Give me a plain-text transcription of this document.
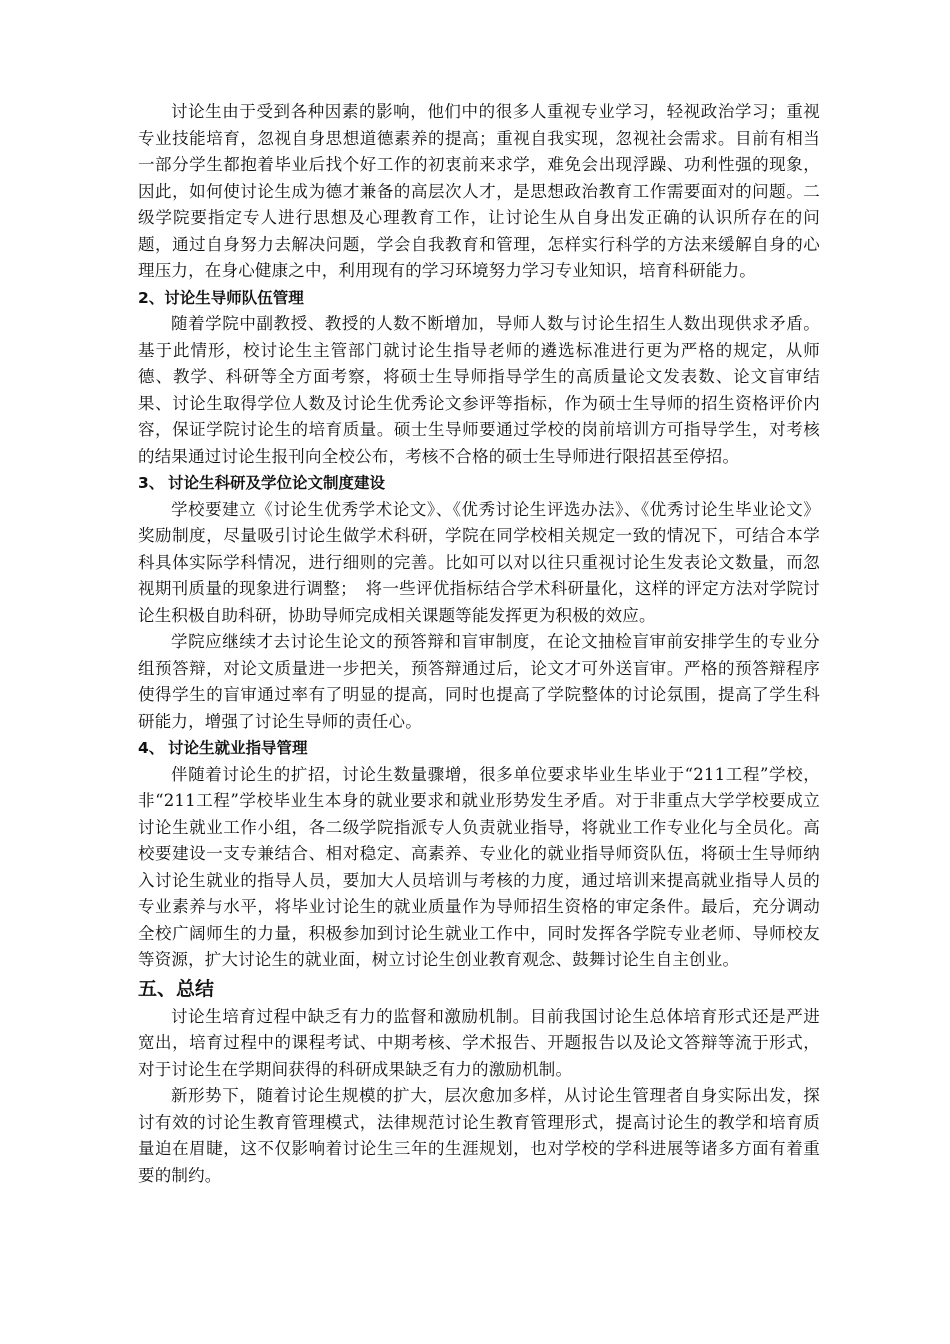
讨论生由于受到各种因素的影响，他们中的很多人重视专业学习，轻视政治学习；重视专业技能培育，忽视自身思想道德素养的提高；重视自我实现，忽视社会需求。目前有相当一部分学生都抱着毕业后找个好工作的初衷前来求学，难免会出现浮躁、功利性强的现象，因此，如何使讨论生成为德才兼备的高层次人才，是思想政治教育工作需要面对的问题。二级学院要指定专人进行思想及心理教育工作，让讨论生从自身出发正确的认识所存在的问题，通过自身努力去解决问题，学会自我教育和管理，怎样实行科学的方法来缓解自身的心理压力，在身心健康之中，利用现有的学习环境努力学习专业知识，培育科研能力。

2、讨论生导师队伍管理

随着学院中副教授、教授的人数不断增加，导师人数与讨论生招生人数出现供求矛盾。基于此情形，校讨论生主管部门就讨论生指导老师的遴选标准进行更为严格的规定，从师德、教学、科研等全方面考察，将硕士生导师指导学生的高质量论文发表数、论文盲审结果、讨论生取得学位人数及讨论生优秀论文参评等指标，作为硕士生导师的招生资格评价内容，保证学院讨论生的培育质量。硕士生导师要通过学校的岗前培训方可指导学生，对考核的结果通过讨论生报刊向全校公布，考核不合格的硕士生导师进行限招甚至停招。

3、 讨论生科研及学位论文制度建设

学校要建立《讨论生优秀学术论文》、《优秀讨论生评选办法》、《优秀讨论生毕业论文》奖励制度，尽量吸引讨论生做学术科研，学院在同学校相关规定一致的情况下，可结合本学科具体实际学科情况，进行细则的完善。比如可以对以往只重视讨论生发表论文数量，而忽视期刊质量的现象进行调整；　将一些评优指标结合学术科研量化，这样的评定方法对学院讨论生积极自助科研，协助导师完成相关课题等能发挥更为积极的效应。

学院应继续才去讨论生论文的预答辩和盲审制度，在论文抽检盲审前安排学生的专业分组预答辩，对论文质量进一步把关，预答辩通过后，论文才可外送盲审。严格的预答辩程序使得学生的盲审通过率有了明显的提高，同时也提高了学院整体的讨论氛围，提高了学生科研能力，增强了讨论生导师的责任心。

4、 讨论生就业指导管理

伴随着讨论生的扩招，讨论生数量骤增，很多单位要求毕业生毕业于“211工程”学校，非“211工程”学校毕业生本身的就业要求和就业形势发生矛盾。对于非重点大学学校要成立讨论生就业工作小组，各二级学院指派专人负责就业指导，将就业工作专业化与全员化。高校要建设一支专兼结合、相对稳定、高素养、专业化的就业指导师资队伍，将硕士生导师纳入讨论生就业的指导人员，要加大人员培训与考核的力度，通过培训来提高就业指导人员的专业素养与水平，将毕业讨论生的就业质量作为导师招生资格的审定条件。最后，充分调动全校广阔师生的力量，积极参加到讨论生就业工作中，同时发挥各学院专业老师、导师校友等资源，扩大讨论生的就业面，树立讨论生创业教育观念、鼓舞讨论生自主创业。

五、总结

讨论生培育过程中缺乏有力的监督和激励机制。目前我国讨论生总体培育形式还是严进宽出，培育过程中的课程考试、中期考核、学术报告、开题报告以及论文答辩等流于形式，对于讨论生在学期间获得的科研成果缺乏有力的激励机制。

新形势下，随着讨论生规模的扩大，层次愈加多样，从讨论生管理者自身实际出发，探讨有效的讨论生教育管理模式，法律规范讨论生教育管理形式，提高讨论生的教学和培育质量迫在眉睫，这不仅影响着讨论生三年的生涯规划，也对学校的学科进展等诸多方面有着重要的制约。
